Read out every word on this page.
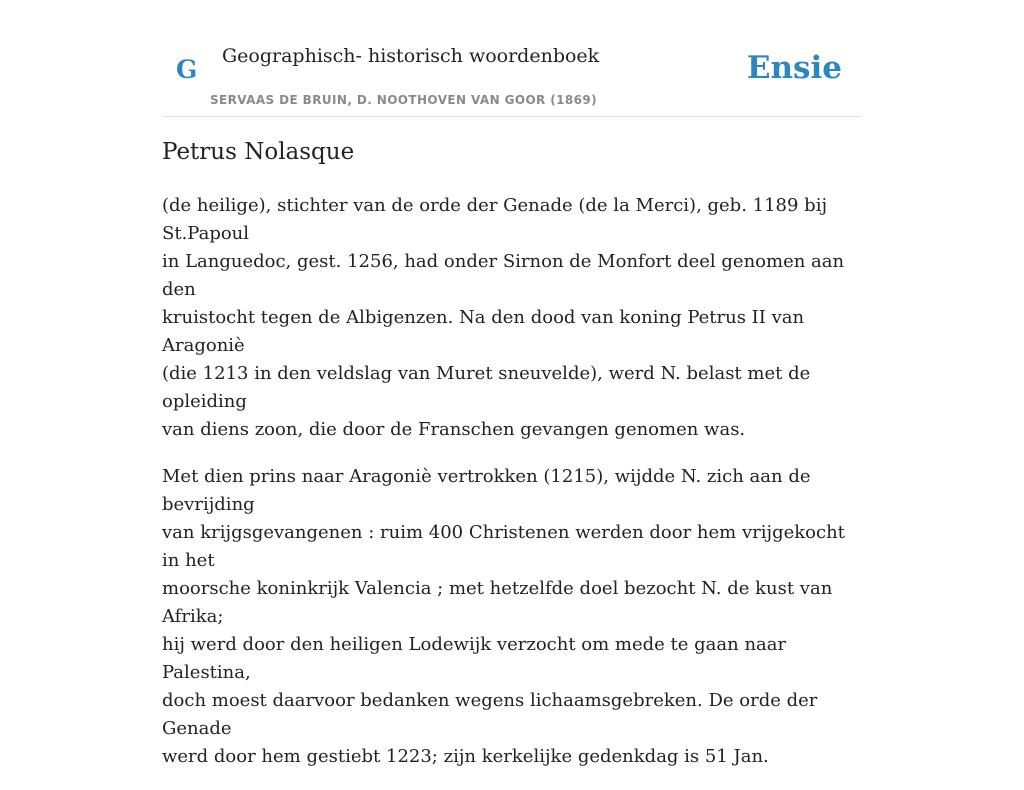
G Geographisch- historisch woordenboek
SERVAAS DE BRUIN, D. NOOTHOVEN VAN GOOR (1869)
Ensie
Petrus Nolasque

(de heilige), stichter van de orde der Genade (de la Merci), geb. 1189 bij St.Papoul
in Languedoc, gest. 1256, had onder Sirnon de Monfort deel genomen aan den
kruistocht tegen de Albigenzen. Na den dood van koning Petrus II van Aragoniè
(die 1213 in den veldslag van Muret sneuvelde), werd N. belast met de opleiding
van diens zoon, die door de Franschen gevangen genomen was.

Met dien prins naar Aragoniè vertrokken (1215), wijdde N. zich aan de bevrijding
van krijgsgevangenen : ruim 400 Christenen werden door hem vrijgekocht in het
moorsche koninkrijk Valencia ; met hetzelfde doel bezocht N. de kust van Afrika;
hij werd door den heiligen Lodewijk verzocht om mede te gaan naar Palestina,
doch moest daarvoor bedanken wegens lichaamsgebreken. De orde der Genade
werd door hem gestiebt 1223; zijn kerkelijke gedenkdag is 51 Jan.
